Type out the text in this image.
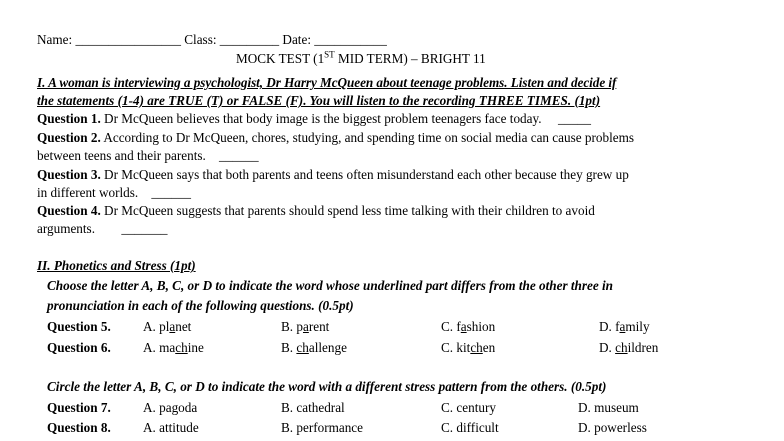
Name: ________________ Class: _________ Date: ___________
MOCK TEST (1ST MID TERM) – BRIGHT 11
I. A woman is interviewing a psychologist, Dr Harry McQueen about teenage problems. Listen and decide if
the statements (1-4) are TRUE (T) or FALSE (F). You will listen to the recording THREE TIMES. (1pt)
Question 1. Dr McQueen believes that body image is the biggest problem teenagers face today.     _____
Question 2. According to Dr McQueen, chores, studying, and spending time on social media can cause problems
between teens and their parents.    ______
Question 3. Dr McQueen says that both parents and teens often misunderstand each other because they grew up
in different worlds.    ______
Question 4. Dr McQueen suggests that parents should spend less time talking with their children to avoid
arguments.        _______
II. Phonetics and Stress (1pt)
Choose the letter A, B, C, or D to indicate the word whose underlined part differs from the other three in
pronunciation in each of the following questions. (0.5pt)
Question 5. A. planet	B. parent	C. fashion	D. family
Question 6. A. machine	B. challenge	C. kitchen	D. children
Circle the letter A, B, C, or D to indicate the word with a different stress pattern from the others. (0.5pt)
Question 7. A. pagoda	B. cathedral	C. century	D. museum
Question 8. A. attitude	B. performance	C. difficult	D. powerless
